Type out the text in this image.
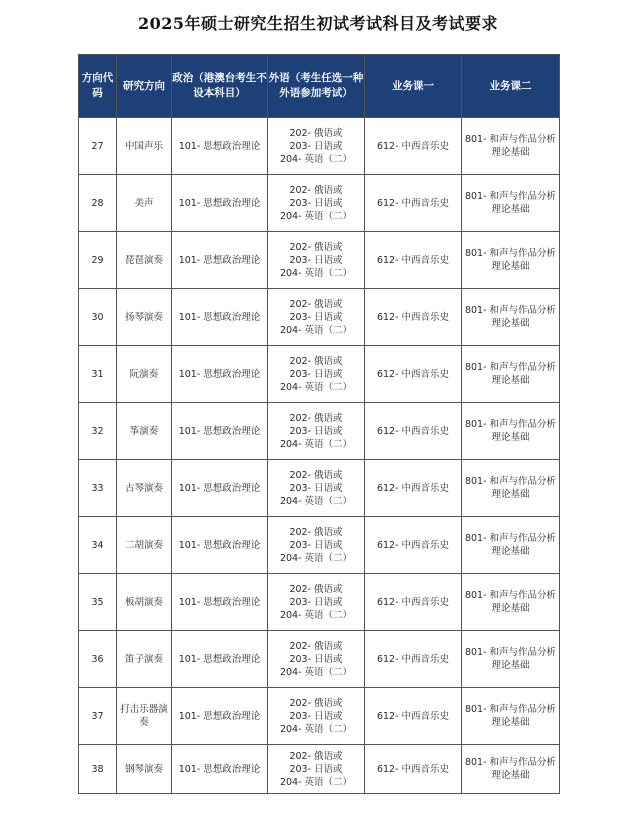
2025年硕士研究生招生初试考试科目及考试要求
方向代码	研究方向	政治（港澳台考生不设本科目）	外语（考生任选一种外语参加考试）	业务课一	业务课二
27	中国声乐	101- 思想政治理论	202- 俄语或
203- 日语或
204- 英语（二）	612- 中西音乐史	801- 和声与作品分析理论基础
28	美声	101- 思想政治理论	202- 俄语或
203- 日语或
204- 英语（二）	612- 中西音乐史	801- 和声与作品分析理论基础
29	琵琶演奏	101- 思想政治理论	202- 俄语或
203- 日语或
204- 英语（二）	612- 中西音乐史	801- 和声与作品分析理论基础
30	扬琴演奏	101- 思想政治理论	202- 俄语或
203- 日语或
204- 英语（二）	612- 中西音乐史	801- 和声与作品分析理论基础
31	阮演奏	101- 思想政治理论	202- 俄语或
203- 日语或
204- 英语（二）	612- 中西音乐史	801- 和声与作品分析理论基础
32	筝演奏	101- 思想政治理论	202- 俄语或
203- 日语或
204- 英语（二）	612- 中西音乐史	801- 和声与作品分析理论基础
33	古琴演奏	101- 思想政治理论	202- 俄语或
203- 日语或
204- 英语（二）	612- 中西音乐史	801- 和声与作品分析理论基础
34	二胡演奏	101- 思想政治理论	202- 俄语或
203- 日语或
204- 英语（二）	612- 中西音乐史	801- 和声与作品分析理论基础
35	板胡演奏	101- 思想政治理论	202- 俄语或
203- 日语或
204- 英语（二）	612- 中西音乐史	801- 和声与作品分析理论基础
36	笛子演奏	101- 思想政治理论	202- 俄语或
203- 日语或
204- 英语（二）	612- 中西音乐史	801- 和声与作品分析理论基础
37	打击乐器演奏	101- 思想政治理论	202- 俄语或
203- 日语或
204- 英语（二）	612- 中西音乐史	801- 和声与作品分析理论基础
38	钢琴演奏	101- 思想政治理论	202- 俄语或
203- 日语或
204- 英语（二）	612- 中西音乐史	801- 和声与作品分析理论基础
